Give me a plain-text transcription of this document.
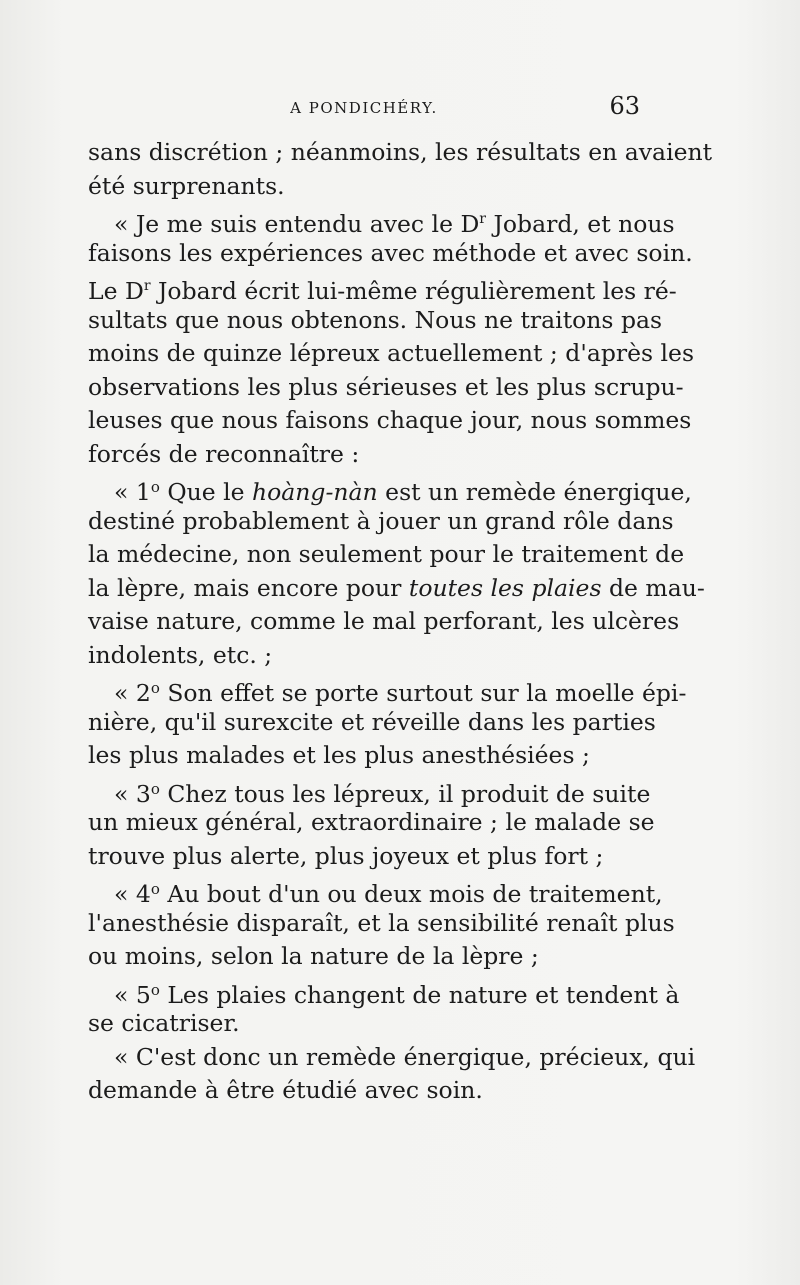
A PONDICHÉRY.	63
sans discrétion ; néanmoins, les résultats en avaient
été surprenants.
« Je me suis entendu avec le $D^r$ Jobard, et nous
faisons les expériences avec méthode et avec soin.
Le $D^r$ Jobard écrit lui-même régulièrement les ré-
sultats que nous obtenons. Nous ne traitons pas
moins de quinze lépreux actuellement ; d'après les
observations les plus sérieuses et les plus scrupu-
leuses que nous faisons chaque jour, nous sommes
forcés de reconnaître :
« 1$^o$ Que le hoàng-nàn est un remède énergique,
destiné probablement à jouer un grand rôle dans
la médecine, non seulement pour le traitement de
la lèpre, mais encore pour toutes les plaies de mau-
vaise nature, comme le mal perforant, les ulcères
indolents, etc. ;
« 2$^o$ Son effet se porte surtout sur la moelle épi-
nière, qu'il surexcite et réveille dans les parties
les plus malades et les plus anesthésiées ;
« 3$^o$ Chez tous les lépreux, il produit de suite
un mieux général, extraordinaire ; le malade se
trouve plus alerte, plus joyeux et plus fort ;
« 4$^o$ Au bout d'un ou deux mois de traitement,
l'anesthésie disparaît, et la sensibilité renaît plus
ou moins, selon la nature de la lèpre ;
« 5$^o$ Les plaies changent de nature et tendent à
se cicatriser.
« C'est donc un remède énergique, précieux, qui
demande à être étudié avec soin.
